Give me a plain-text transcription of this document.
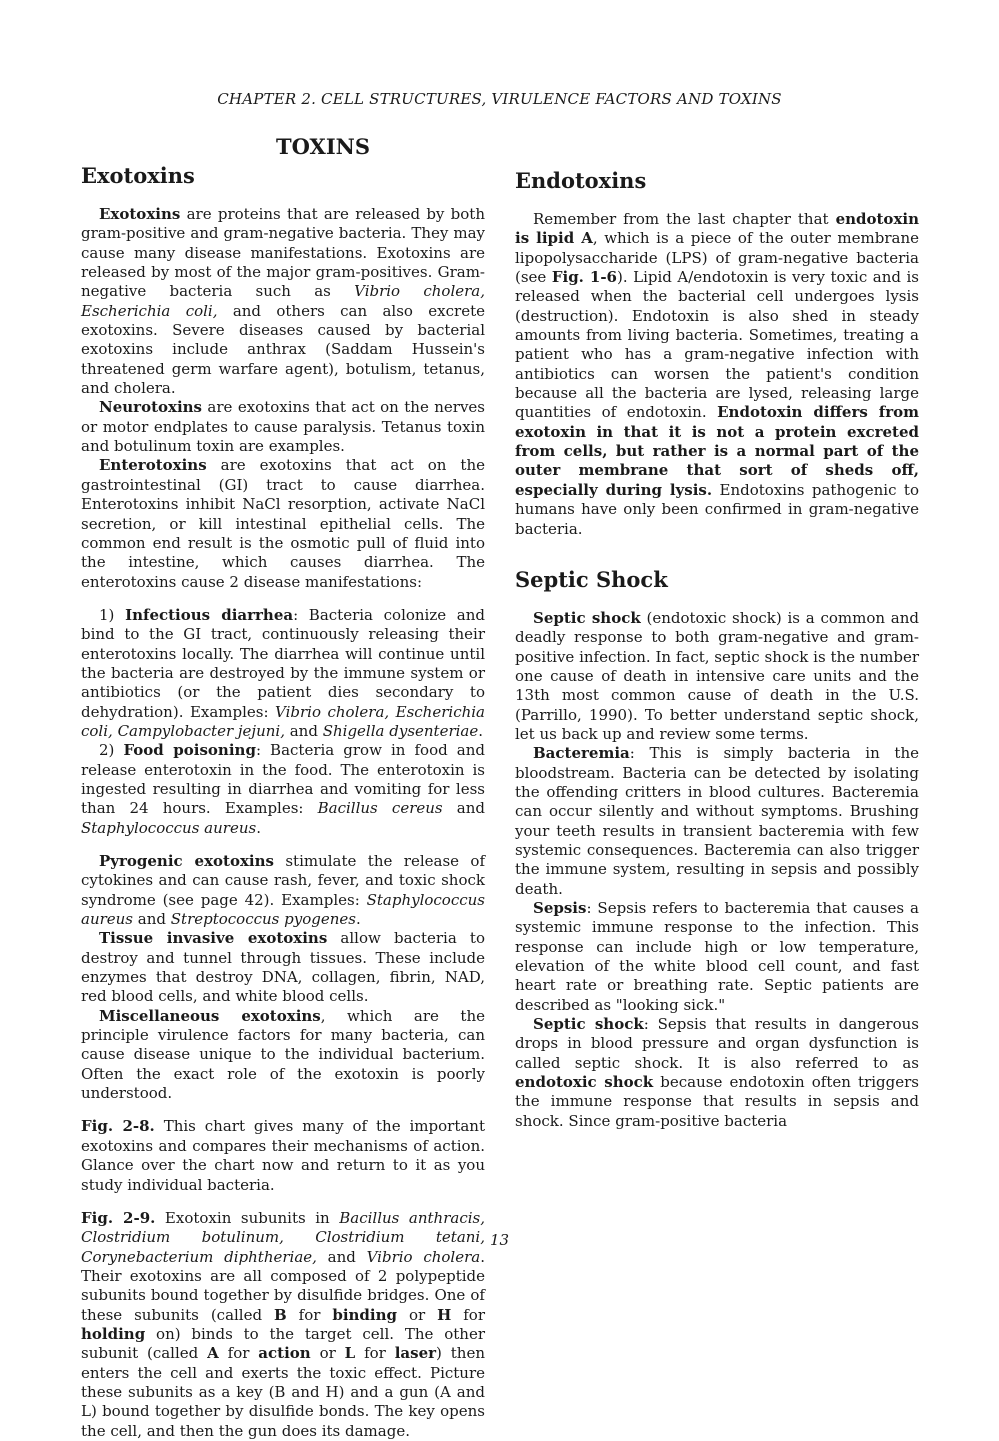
CHAPTER 2. CELL STRUCTURES, VIRULENCE FACTORS AND TOXINS
TOXINS
Exotoxins

Exotoxins are proteins that are released by both gram-positive and gram-negative bacteria. They may cause many disease manifestations. Exotoxins are released by most of the major gram-positives. Gram-negative bacteria such as Vibrio cholera, Escherichia coli, and others can also excrete exotoxins. Severe diseases caused by bacterial exotoxins include anthrax (Saddam Hussein's threatened germ warfare agent), botulism, tetanus, and cholera.

Neurotoxins are exotoxins that act on the nerves or motor endplates to cause paralysis. Tetanus toxin and botulinum toxin are examples.

Enterotoxins are exotoxins that act on the gastrointestinal (GI) tract to cause diarrhea. Enterotoxins inhibit NaCl resorption, activate NaCl secretion, or kill intestinal epithelial cells. The common end result is the osmotic pull of fluid into the intestine, which causes diarrhea. The enterotoxins cause 2 disease manifestations:

1) Infectious diarrhea: Bacteria colonize and bind to the GI tract, continuously releasing their enterotoxins locally. The diarrhea will continue until the bacteria are destroyed by the immune system or antibiotics (or the patient dies secondary to dehydration). Examples: Vibrio cholera, Escherichia coli, Campylobacter jejuni, and Shigella dysenteriae.

2) Food poisoning: Bacteria grow in food and release enterotoxin in the food. The enterotoxin is ingested resulting in diarrhea and vomiting for less than 24 hours. Examples: Bacillus cereus and Staphylococcus aureus.

Pyrogenic exotoxins stimulate the release of cytokines and can cause rash, fever, and toxic shock syndrome (see page 42). Examples: Staphylococcus aureus and Streptococcus pyogenes.

Tissue invasive exotoxins allow bacteria to destroy and tunnel through tissues. These include enzymes that destroy DNA, collagen, fibrin, NAD, red blood cells, and white blood cells.

Miscellaneous exotoxins, which are the principle virulence factors for many bacteria, can cause disease unique to the individual bacterium. Often the exact role of the exotoxin is poorly understood.

Fig. 2-8. This chart gives many of the important exotoxins and compares their mechanisms of action. Glance over the chart now and return to it as you study individual bacteria.

Fig. 2-9. Exotoxin subunits in Bacillus anthracis, Clostridium botulinum, Clostridium tetani, Corynebacterium diphtheriae, and Vibrio cholera. Their exotoxins are all composed of 2 polypeptide subunits bound together by disulfide bridges. One of these subunits (called B for binding or H for holding on) binds to the target cell. The other subunit (called A for action or L for laser) then enters the cell and exerts the toxic effect. Picture these subunits as a key (B and H) and a gun (A and L) bound together by disulfide bonds. The key opens the cell, and then the gun does its damage.

Endotoxins

Remember from the last chapter that endotoxin is lipid A, which is a piece of the outer membrane lipopolysaccharide (LPS) of gram-negative bacteria (see Fig. 1-6). Lipid A/endotoxin is very toxic and is released when the bacterial cell undergoes lysis (destruction). Endotoxin is also shed in steady amounts from living bacteria. Sometimes, treating a patient who has a gram-negative infection with antibiotics can worsen the patient's condition because all the bacteria are lysed, releasing large quantities of endotoxin. Endotoxin differs from exotoxin in that it is not a protein excreted from cells, but rather is a normal part of the outer membrane that sort of sheds off, especially during lysis. Endotoxins pathogenic to humans have only been confirmed in gram-negative bacteria.

Septic Shock

Septic shock (endotoxic shock) is a common and deadly response to both gram-negative and gram-positive infection. In fact, septic shock is the number one cause of death in intensive care units and the 13th most common cause of death in the U.S. (Parrillo, 1990). To better understand septic shock, let us back up and review some terms.

Bacteremia: This is simply bacteria in the bloodstream. Bacteria can be detected by isolating the offending critters in blood cultures. Bacteremia can occur silently and without symptoms. Brushing your teeth results in transient bacteremia with few systemic consequences. Bacteremia can also trigger the immune system, resulting in sepsis and possibly death.

Sepsis: Sepsis refers to bacteremia that causes a systemic immune response to the infection. This response can include high or low temperature, elevation of the white blood cell count, and fast heart rate or breathing rate. Septic patients are described as "looking sick."

Septic shock: Sepsis that results in dangerous drops in blood pressure and organ dysfunction is called septic shock. It is also referred to as endotoxic shock because endotoxin often triggers the immune response that results in sepsis and shock. Since gram-positive bacteria

13
